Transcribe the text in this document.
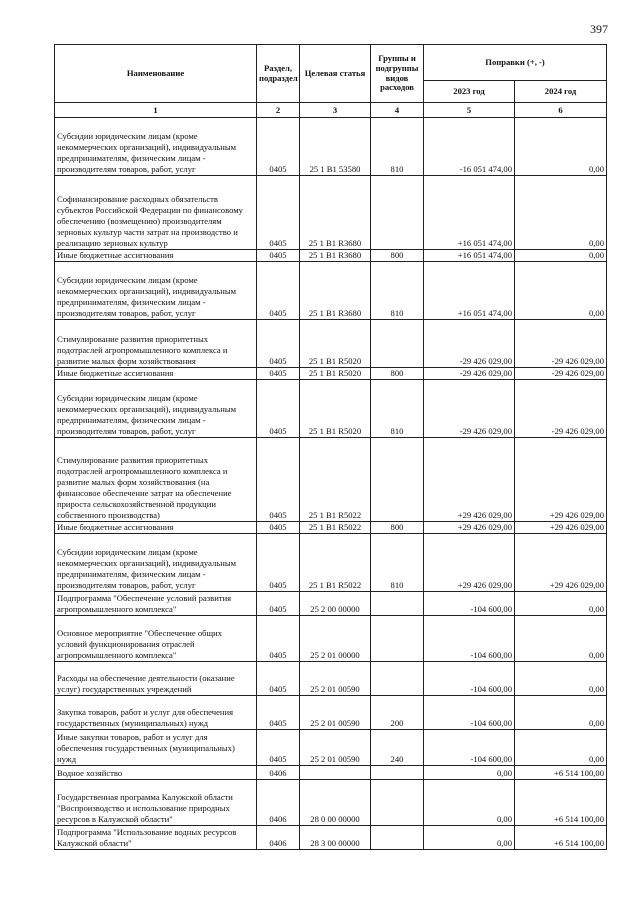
397
Наименование	Раздел, подраздел	Целевая статья	Группы и подгруппы видов расходов	Поправки (+, -)	
				2023 год	2024 год
1	2	3	4	5	6
Субсидии юридическим лицам (кроме некоммерческих организаций), индивидуальным предпринимателям, физическим лицам - производителям товаров, работ, услуг	0405	25 1 B1 53580	810	-16 051 474,00	0,00
Софинансирование расходных обязательств субъектов Российской Федерации по финансовому обеспечению (возмещению) производителям зерновых культур части затрат на производство и реализацию зерновых культур	0405	25 1 B1 R3680		+16 051 474,00	0,00
Иные бюджетные ассигнования	0405	25 1 B1 R3680	800	+16 051 474,00	0,00
Субсидии юридическим лицам (кроме некоммерческих организаций), индивидуальным предпринимателям, физическим лицам - производителям товаров, работ, услуг	0405	25 1 B1 R3680	810	+16 051 474,00	0,00
Стимулирование развития приоритетных подотраслей агропромышленного комплекса и развитие малых форм хозяйствования	0405	25 1 B1 R5020		-29 426 029,00	-29 426 029,00
Иные бюджетные ассигнования	0405	25 1 B1 R5020	800	-29 426 029,00	-29 426 029,00
Субсидии юридическим лицам (кроме некоммерческих организаций), индивидуальным предпринимателям, физическим лицам - производителям товаров, работ, услуг	0405	25 1 B1 R5020	810	-29 426 029,00	-29 426 029,00
Стимулирование развития приоритетных подотраслей агропромышленного комплекса и развитие малых форм хозяйствования (на финансовое обеспечение затрат на обеспечение прироста сельскохозяйственной продукции собственного производства)	0405	25 1 B1 R5022		+29 426 029,00	+29 426 029,00
Иные бюджетные ассигнования	0405	25 1 B1 R5022	800	+29 426 029,00	+29 426 029,00
Субсидии юридическим лицам (кроме некоммерческих организаций), индивидуальным предпринимателям, физическим лицам - производителям товаров, работ, услуг	0405	25 1 B1 R5022	810	+29 426 029,00	+29 426 029,00
Подпрограмма "Обеспечение условий развития агропромышленного комплекса"	0405	25 2 00 00000		-104 600,00	0,00
Основное мероприятие "Обеспечение общих условий функционирования отраслей агропромышленного комплекса"	0405	25 2 01 00000		-104 600,00	0,00
Расходы на обеспечение деятельности (оказание услуг) государственных учреждений	0405	25 2 01 00590		-104 600,00	0,00
Закупка товаров, работ и услуг для обеспечения государственных (муниципальных) нужд	0405	25 2 01 00590	200	-104 600,00	0,00
Иные закупки товаров, работ и услуг для обеспечения государственных (муниципальных) нужд	0405	25 2 01 00590	240	-104 600,00	0,00
Водное хозяйство	0406			0,00	+6 514 100,00
Государственная программа Калужской области "Воспроизводство и использование природных ресурсов в Калужской области"	0406	28 0 00 00000		0,00	+6 514 100,00
Подпрограмма "Использование водных ресурсов Калужской области"	0406	28 3 00 00000		0,00	+6 514 100,00
